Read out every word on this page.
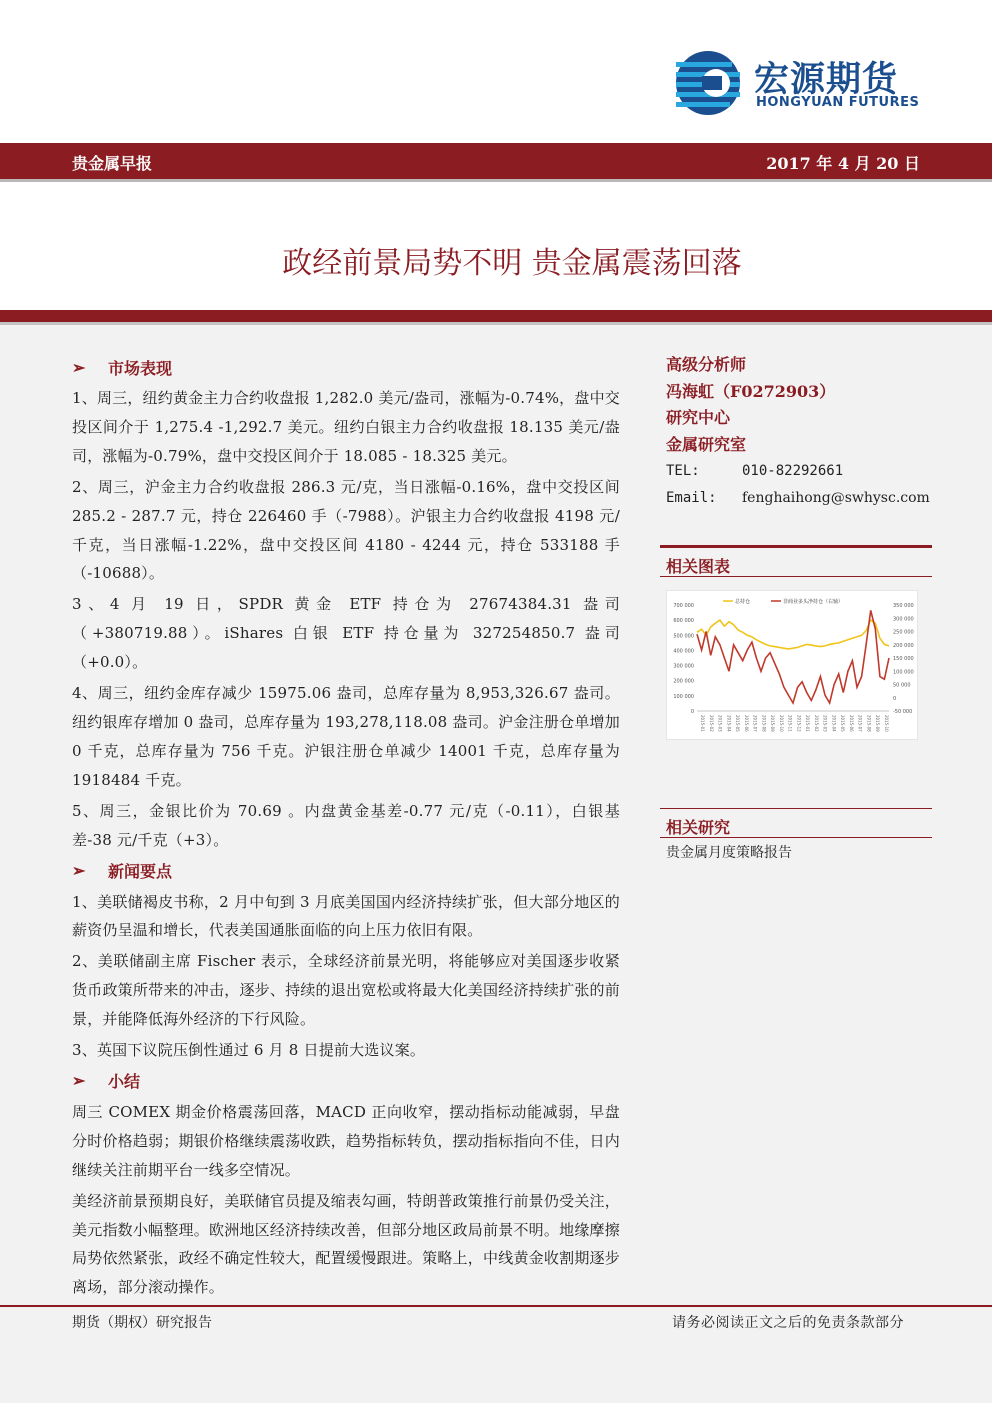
宏源期货
HONGYUAN FUTURES
贵金属早报	2017 年 4 月 20 日
政经前景局势不明 贵金属震荡回落
➢	市场表现

1、周三，纽约黄金主力合约收盘报 1,282.0 美元/盎司，涨幅为-0.74%，盘中交投区间介于 1,275.4 -1,292.7 美元。纽约白银主力合约收盘报 18.135 美元/盎司，涨幅为-0.79%，盘中交投区间介于 18.085 - 18.325 美元。

2、周三，沪金主力合约收盘报 286.3 元/克，当日涨幅-0.16%，盘中交投区间 285.2 - 287.7 元，持仓 226460 手（-7988）。沪银主力合约收盘报 4198 元/千克，当日涨幅-1.22%，盘中交投区间 4180 - 4244 元，持仓 533188 手（-10688）。

3、4 月 19 日，SPDR 黄金 ETF 持仓为 27674384.31 盎司（+380719.88）。iShares 白银 ETF 持仓量为 327254850.7 盎司（+0.0）。

4、周三，纽约金库存减少 15975.06 盎司，总库存量为 8,953,326.67 盎司。纽约银库存增加 0 盎司，总库存量为 193,278,118.08 盎司。沪金注册仓单增加 0 千克，总库存量为 756 千克。沪银注册仓单减少 14001 千克，总库存量为 1918484 千克。

5、周三，金银比价为 70.69 。内盘黄金基差-0.77 元/克（-0.11），白银基差-38 元/千克（+3）。

➢	新闻要点

1、美联储褐皮书称，2 月中旬到 3 月底美国国内经济持续扩张，但大部分地区的薪资仍呈温和增长，代表美国通胀面临的向上压力依旧有限。

2、美联储副主席 Fischer 表示，全球经济前景光明，将能够应对美国逐步收紧货币政策所带来的冲击，逐步、持续的退出宽松或将最大化美国经济持续扩张的前景，并能降低海外经济的下行风险。

3、英国下议院压倒性通过 6 月 8 日提前大选议案。

➢	小结

周三 COMEX 期金价格震荡回落，MACD 正向收窄，摆动指标动能减弱，早盘分时价格趋弱；期银价格继续震荡收跌，趋势指标转负，摆动指标指向不佳，日内继续关注前期平台一线多空情况。

美经济前景预期良好，美联储官员提及缩表勾画，特朗普政策推行前景仍受关注，美元指数小幅整理。欧洲地区经济持续改善，但部分地区政局前景不明。地缘摩擦局势依然紧张，政经不确定性较大，配置缓慢跟进。策略上，中线黄金收割期逐步离场，部分滚动操作。

高级分析师
冯海虹（F0272903）
研究中心
金属研究室
TEL:	010-82292661
Email:	fenghaihong@swhysc.com
相关图表
700 000
600 000
500 000
400 000
300 000
200 000
100 000
0
350 000
300 000
250 000
200 000
150 000
100 000
50 000
0
-50 000
2015-01 2015-02 2015-03 2015-04 2015-05 2015-06 2015-07 2015-08 2015-09 2015-10 2015-11 2015-12 2015-01 2015-02 2015-03 2015-04 2015-05 2015-06 2015-07 2015-08 2015-09 2015-10
总持仓	非商业多头净持仓（右轴）
相关研究
贵金属月度策略报告
期货（期权）研究报告	请务必阅读正文之后的免责条款部分
